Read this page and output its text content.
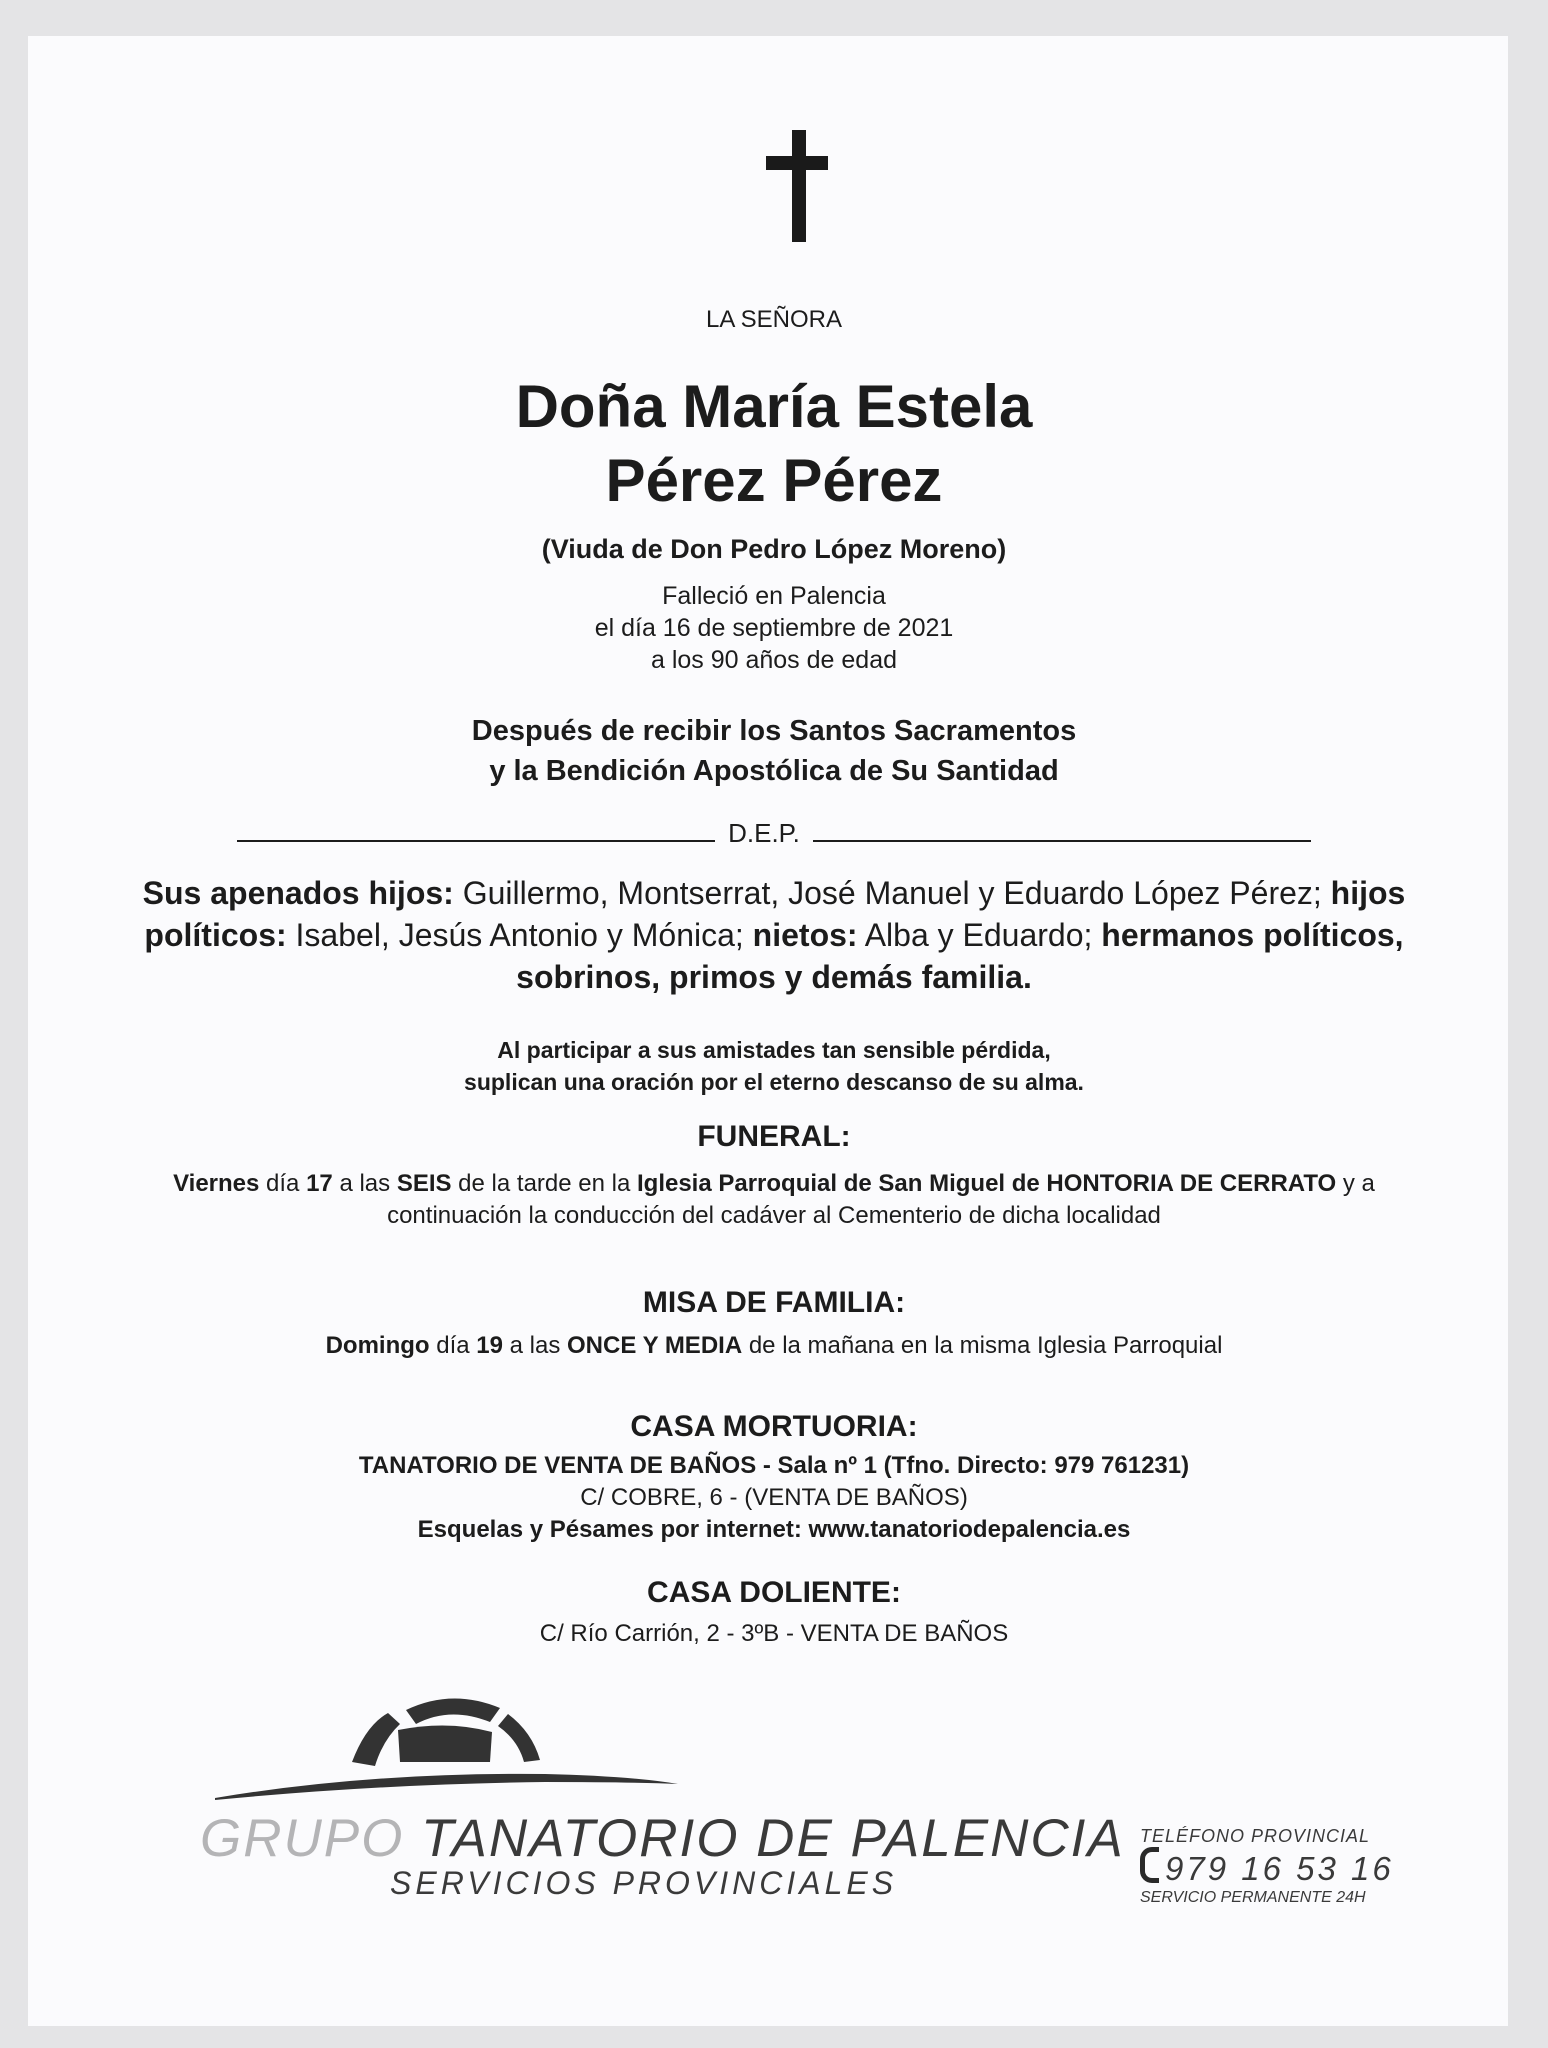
LA SEÑORA
Doña María Estela
Pérez Pérez
(Viuda de Don Pedro López Moreno)
Falleció en Palencia
el día 16 de septiembre de 2021
a los 90 años de edad
Después de recibir los Santos Sacramentos
y la Bendición Apostólica de Su Santidad
D.E.P.
Sus apenados hijos: Guillermo, Montserrat, José Manuel y Eduardo López Pérez; hijos políticos: Isabel, Jesús Antonio y Mónica; nietos: Alba y Eduardo; hermanos políticos, sobrinos, primos y demás familia.
Al participar a sus amistades tan sensible pérdida,
suplican una oración por el eterno descanso de su alma.
FUNERAL:
Viernes día 17 a las SEIS de la tarde en la Iglesia Parroquial de San Miguel de HONTORIA DE CERRATO y a continuación la conducción del cadáver al Cementerio de dicha localidad
MISA DE FAMILIA:
Domingo día 19 a las ONCE Y MEDIA de la mañana en la misma Iglesia Parroquial
CASA MORTUORIA:
TANATORIO DE VENTA DE BAÑOS - Sala nº 1 (Tfno. Directo: 979 761231)
C/ COBRE, 6 - (VENTA DE BAÑOS)
Esquelas y Pésames por internet: www.tanatoriodepalencia.es
CASA DOLIENTE:
C/ Río Carrión, 2 - 3ºB - VENTA DE BAÑOS
GRUPO TANATORIO DE PALENCIA
SERVICIOS PROVINCIALES
TELÉFONO PROVINCIAL
979 16 53 16
SERVICIO PERMANENTE 24H
